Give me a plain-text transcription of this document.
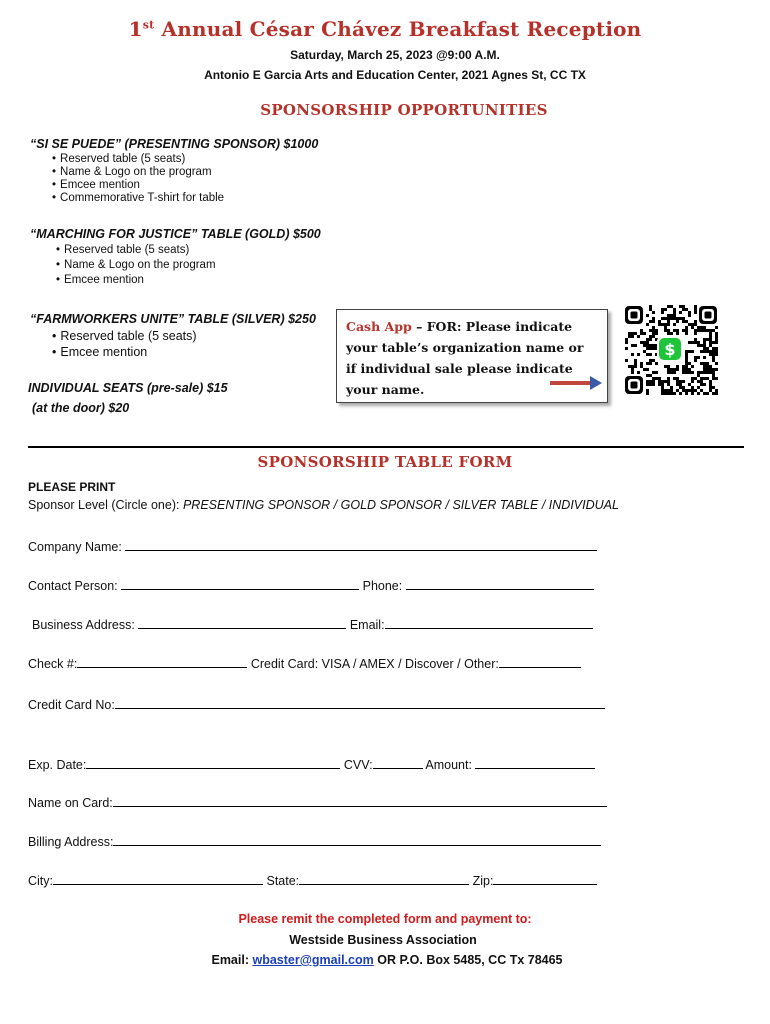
1st Annual César Chávez Breakfast Reception
Saturday, March 25, 2023 @9:00 A.M.
Antonio E Garcia Arts and Education Center, 2021 Agnes St, CC TX
SPONSORSHIP OPPORTUNITIES
“SI SE PUEDE” (PRESENTING SPONSOR) $1000
• Reserved table (5 seats)
• Name & Logo on the program
• Emcee mention
• Commemorative T-shirt for table
“MARCHING FOR JUSTICE” TABLE (GOLD) $500
• Reserved table (5 seats)
• Name & Logo on the program
• Emcee mention
“FARMWORKERS UNITE” TABLE (SILVER) $250
• Reserved table (5 seats)
• Emcee mention
INDIVIDUAL SEATS (pre-sale) $15
(at the door) $20
Cash App – FOR: Please indicate
your table’s organization name or
if individual sale please indicate
your name.
$
SPONSORSHIP TABLE FORM
PLEASE PRINT
Sponsor Level (Circle one): PRESENTING SPONSOR / GOLD SPONSOR / SILVER TABLE / INDIVIDUAL
Company Name:
Contact Person:	Phone:
Business Address:	Email:
Check #:	Credit Card: VISA / AMEX / Discover / Other:
Credit Card No:
Exp. Date:	CVV:	Amount:
Name on Card:
Billing Address:
City:	State:	Zip:
Please remit the completed form and payment to:
Westside Business Association
Email: wbaster@gmail.com OR P.O. Box 5485, CC Tx 78465
